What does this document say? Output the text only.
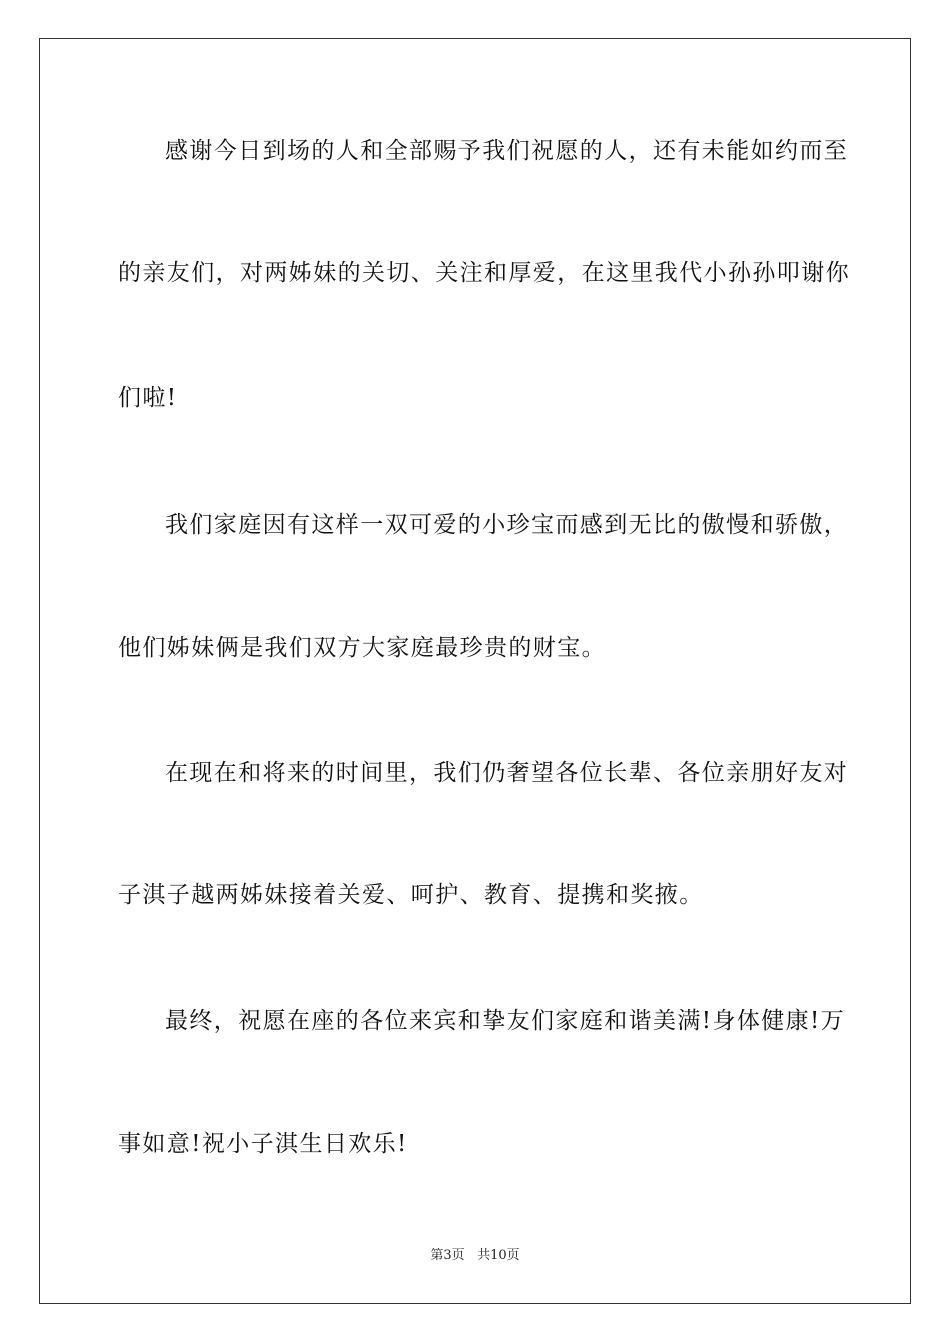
感谢今日到场的人和全部赐予我们祝愿的人，还有未能如约而至
的亲友们，对两姊妹的关切、关注和厚爱，在这里我代小孙孙叩谢你
们啦!
我们家庭因有这样一双可爱的小珍宝而感到无比的傲慢和骄傲，
他们姊妹俩是我们双方大家庭最珍贵的财宝。
在现在和将来的时间里，我们仍奢望各位长辈、各位亲朋好友对
子淇子越两姊妹接着关爱、呵护、教育、提携和奖掖。
最终，祝愿在座的各位来宾和挚友们家庭和谐美满!身体健康!万
事如意!祝小子淇生日欢乐!
第3页 共10页
